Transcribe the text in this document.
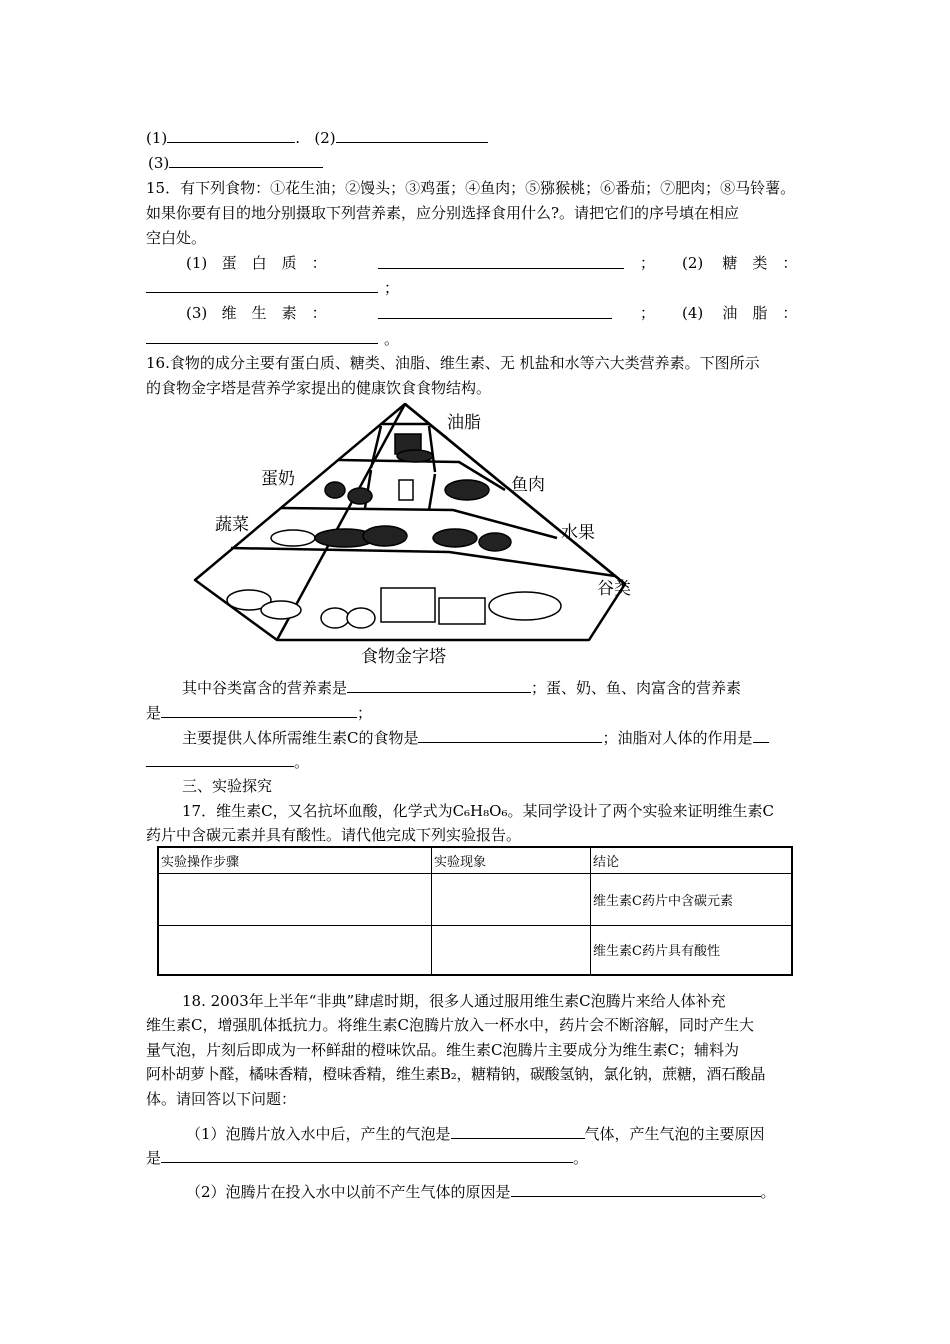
(1)	. (2)
(3)
15．有下列食物：①花生油；②馒头；③鸡蛋；④鱼肉；⑤猕猴桃；⑥番茄；⑦肥肉；⑧马铃薯。
如果你要有目的地分别摄取下列营养素，应分别选择食用什么?。请把它们的序号填在相应
空白处。
(1) 蛋　白　质　：	； (2) 糖　类　：
；
(3) 维　生　素　：	； (4) 油　脂　：
。
16.食物的成分主要有蛋白质、糖类、油脂、维生素、无 机盐和水等六大类营养素。下图所示
的食物金字塔是营养学家提出的健康饮食食物结构。
油脂
蛋奶	鱼肉
蔬菜	水果
谷类
食物金字塔
其中谷类富含的营养素是	；蛋、奶、鱼、肉富含的营养素
是	；
主要提供人体所需维生素C的食物是	；油脂对人体的作用是
。
三、实验探究
17．维生素C，又名抗坏血酸，化学式为C₆H₈O₆。某同学设计了两个实验来证明维生素C
药片中含碳元素并具有酸性。请代他完成下列实验报告。
实验操作步骤	实验现象	结论
		维生素C药片中含碳元素
		维生素C药片具有酸性
18. 2003年上半年“非典”肆虐时期，很多人通过服用维生素C泡腾片来给人体补充
维生素C，增强肌体抵抗力。将维生素C泡腾片放入一杯水中，药片会不断溶解，同时产生大
量气泡，片刻后即成为一杯鲜甜的橙味饮品。维生素C泡腾片主要成分为维生素C；辅料为
阿朴胡萝卜醛，橘味香精，橙味香精，维生素B₂，糖精钠，碳酸氢钠，氯化钠，蔗糖，酒石酸晶
体。请回答以下问题：
（1）泡腾片放入水中后，产生的气泡是	气体，产生气泡的主要原因
是	。
（2）泡腾片在投入水中以前不产生气体的原因是	。
